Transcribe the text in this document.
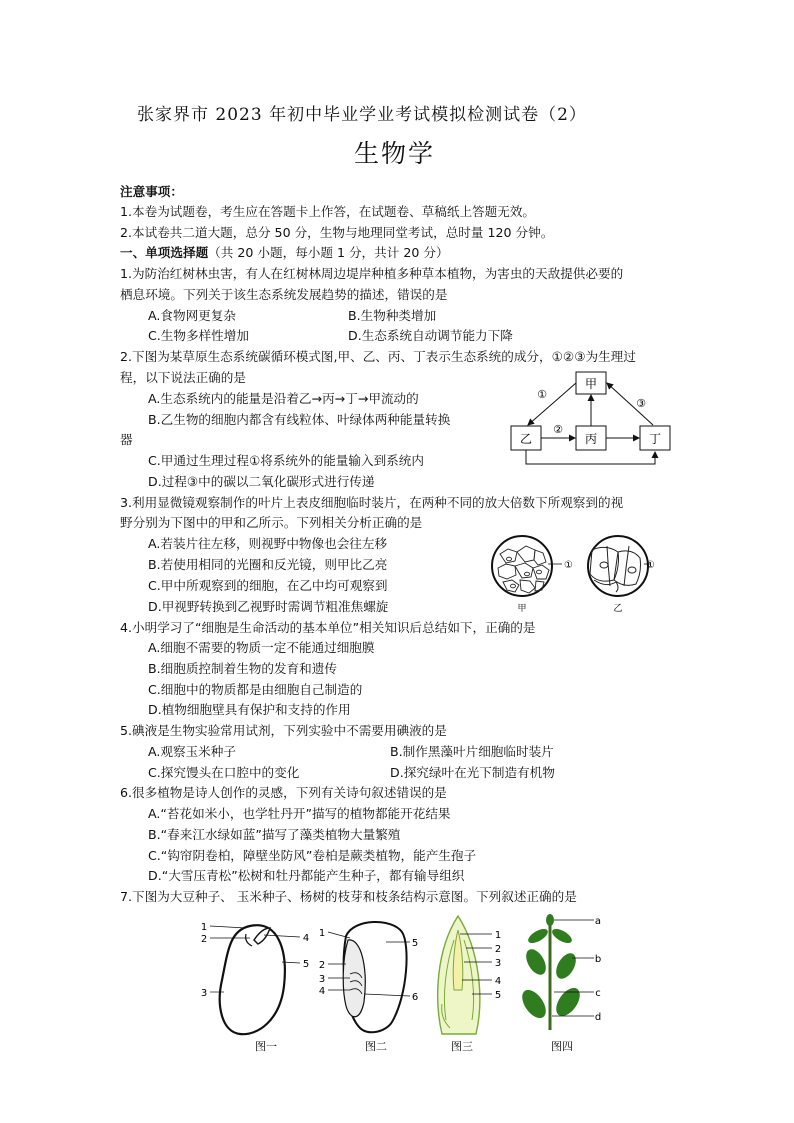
张家界市 2023 年初中毕业学业考试模拟检测试卷（2）
生物学
注意事项：
1.本卷为试题卷，考生应在答题卡上作答，在试题卷、草稿纸上答题无效。
2.本试卷共二道大题，总分 50 分，生物与地理同堂考试，总时量 120 分钟。
一、单项选择题（共 20 小题，每小题 1 分，共计 20 分）
1.为防治红树林虫害，有人在红树林周边堤岸种植多种草本植物，为害虫的天敌提供必要的
栖息环境。下列关于该生态系统发展趋势的描述，错误的是
A.食物网更复杂	B.生物种类增加
C.生物多样性增加	D.生态系统自动调节能力下降
2.下图为某草原生态系统碳循环模式图,甲、乙、丙、丁表示生态系统的成分，①②③为生理过
程，以下说法正确的是
A.生态系统内的能量是沿着乙→丙→丁→甲流动的
B.乙生物的细胞内都含有线粒体、叶绿体两种能量转换
器
C.甲通过生理过程①将系统外的能量输入到系统内
D.过程③中的碳以二氧化碳形式进行传递
甲
乙	丙	丁
①
②
③
3.利用显微镜观察制作的叶片上表皮细胞临时装片，在两种不同的放大倍数下所观察到的视
野分别为下图中的甲和乙所示。下列相关分析正确的是
A.若装片往左移，则视野中物像也会往左移
B.若使用相同的光圈和反光镜，则甲比乙亮
C.甲中所观察到的细胞，在乙中均可观察到
D.甲视野转换到乙视野时需调节粗准焦螺旋
①
甲
①
乙
4.小明学习了“细胞是生命活动的基本单位”相关知识后总结如下，正确的是
A.细胞不需要的物质一定不能通过细胞膜
B.细胞质控制着生物的发育和遗传
C.细胞中的物质都是由细胞自己制造的
D.植物细胞壁具有保护和支持的作用
5.碘液是生物实验常用试剂，下列实验中不需要用碘液的是
A.观察玉米种子	B.制作黑藻叶片细胞临时装片
C.探究馒头在口腔中的变化	D.探究绿叶在光下制造有机物
6.很多植物是诗人创作的灵感，下列有关诗句叙述错误的是
A.“苔花如米小，也学牡丹开”描写的植物都能开花结果
B.“春来江水绿如蓝”描写了藻类植物大量繁殖
C.“钩帘阴卷柏，障壁坐防风”卷柏是蕨类植物，能产生孢子
D.“大雪压青松”松树和牡丹都能产生种子，都有输导组织
7.下图为大豆种子、 玉米种子、杨树的枝芽和枝条结构示意图。下列叙述正确的是
1
2
3
4
5
图一
1
2
3
4
5
6
图二
1
2
3
4
5
图三
a
b
c
d
图四
